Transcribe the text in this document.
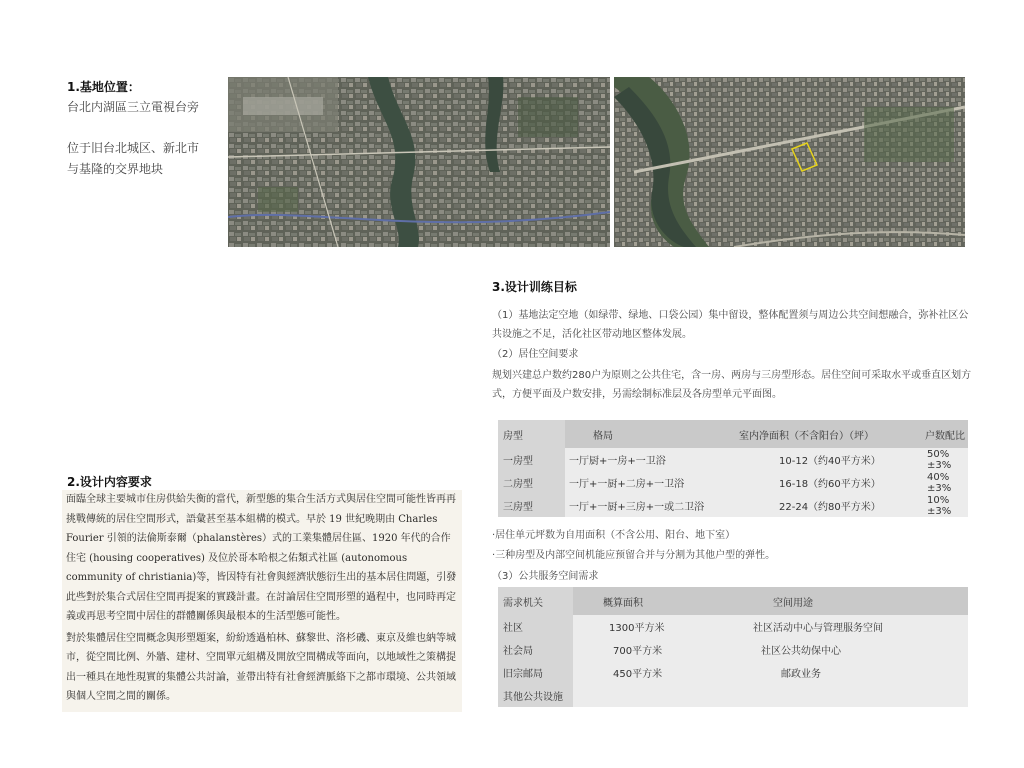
1.基地位置：
台北内湖區三立電視台旁
位于旧台北城区、新北市
与基隆的交界地块
3.设计训练目标
（1）基地法定空地（如绿带、绿地、口袋公园）集中留设，整体配置须与周边公共空间想融合，弥补社区公共设施之不足，活化社区带动地区整体发展。
（2）居住空间要求
规划兴建总户数约280户为原则之公共住宅，含一房、两房与三房型形态。居住空间可采取水平或垂直区划方式，方便平面及户数安排，另需绘制标准层及各房型单元平面图。
房型	格局	室内净面积（不含阳台）（坪）	户数配比
一房型	一厅厨+一房+一卫浴	10-12（约40平方米）	50%±3%
二房型	一厅+一厨+二房+一卫浴	16-18（约60平方米）	40%±3%
三房型	一厅+一厨+三房+一或二卫浴	22-24（约80平方米）	10%±3%
·居住单元坪数为自用面积（不含公用、阳台、地下室）
·三种房型及内部空间机能应预留合并与分割为其他户型的弹性。
（3）公共服务空间需求
需求机关	概算面积	空间用途
社区	1300平方米	社区活动中心与管理服务空间
社会局	700平方米	社区公共幼保中心
旧宗邮局	450平方米	邮政业务
其他公共设施		
2.设计内容要求

面臨全球主要城市住房供給失衡的當代，新型態的集合生活方式與居住空間可能性皆再再挑戰傳統的居住空間形式，語彙甚至基本組構的模式。早於 19 世紀晚期由 Charles Fourier 引領的法倫斯泰爾（phalanstères）式的工業集體居住區、1920 年代的合作住宅 (housing cooperatives) 及位於哥本哈根之佑類式社區 (autonomous community of christiania)等，皆因特有社會與經濟狀態衍生出的基本居住問題，引發此些對於集合式居住空間再提案的實踐計畫。在討論居住空間形塑的過程中，也同時再定義或再思考空間中居住的群體關係與最根本的生活型態可能性。

對於集體居住空間概念與形塑題案，紛紛透過柏林、蘇黎世、洛杉磯、東京及維也納等城市，從空間比例、外牆、建材、空間單元組構及開放空間構成等面向，以地域性之策構提出一種具在地性現實的集體公共討論，並帶出特有社會經濟脈絡下之都市環境、公共領域與個人空間之間的關係。
